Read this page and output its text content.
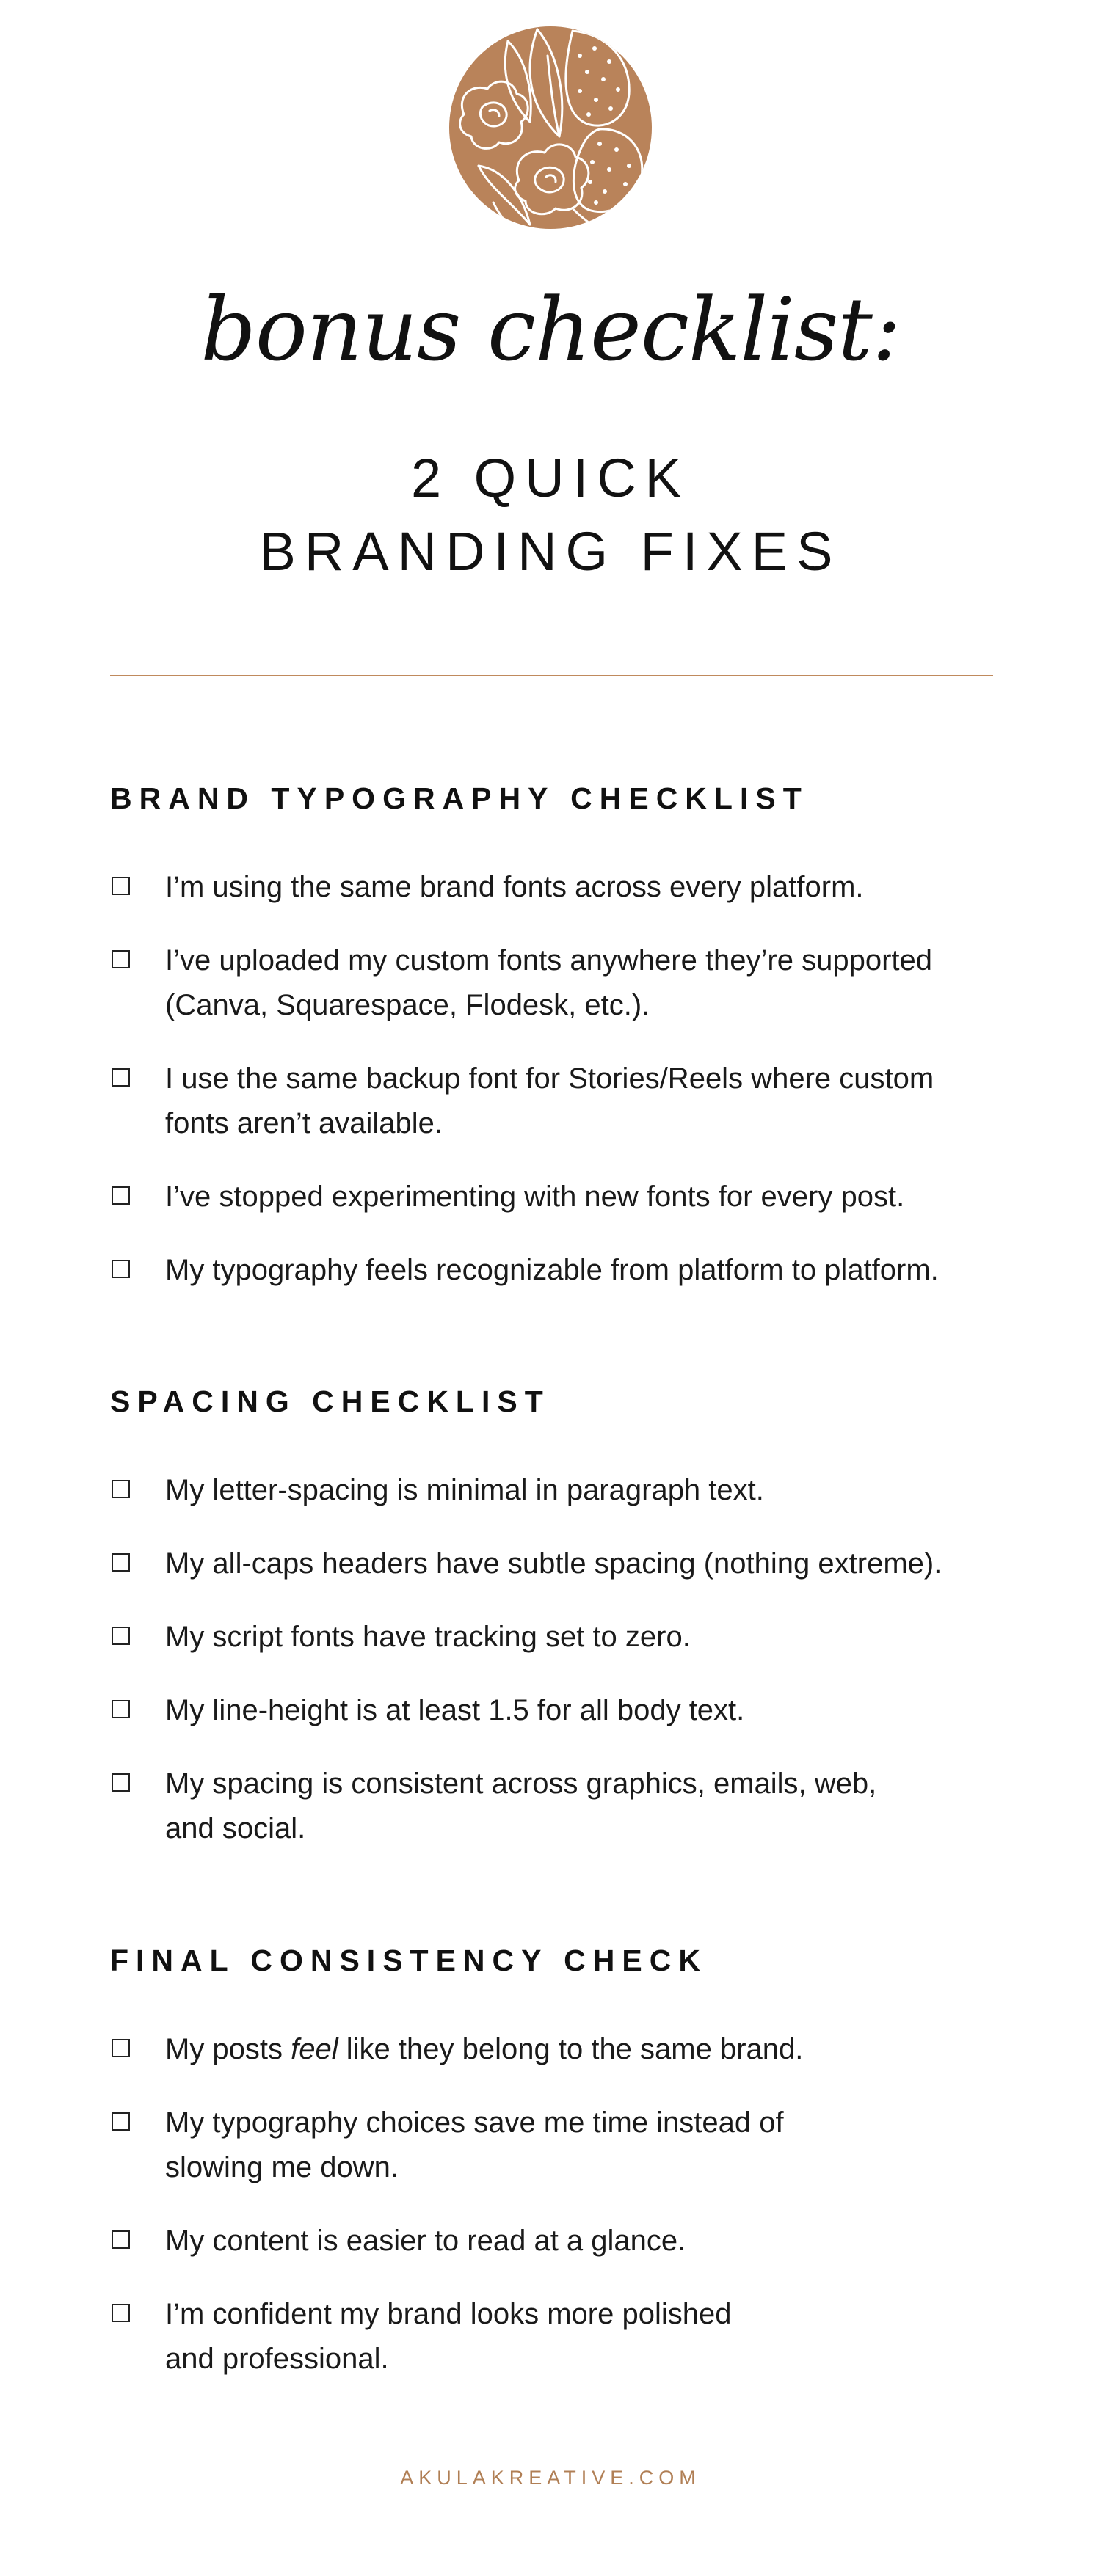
bonus checklist:
2 QUICK
BRANDING FIXES
BRAND TYPOGRAPHY CHECKLIST
I’m using the same brand fonts across every platform.
I’ve uploaded my custom fonts anywhere they’re supported
(Canva, Squarespace, Flodesk, etc.).
I use the same backup font for Stories/Reels where custom
fonts aren’t available.
I’ve stopped experimenting with new fonts for every post.
My typography feels recognizable from platform to platform.
SPACING CHECKLIST
My letter-spacing is minimal in paragraph text.
My all-caps headers have subtle spacing (nothing extreme).
My script fonts have tracking set to zero.
My line-height is at least 1.5 for all body text.
My spacing is consistent across graphics, emails, web,
and social.
FINAL CONSISTENCY CHECK
My posts feel like they belong to the same brand.
My typography choices save me time instead of
slowing me down.
My content is easier to read at a glance.
I’m confident my brand looks more polished
and professional.
AKULAKREATIVE.COM
